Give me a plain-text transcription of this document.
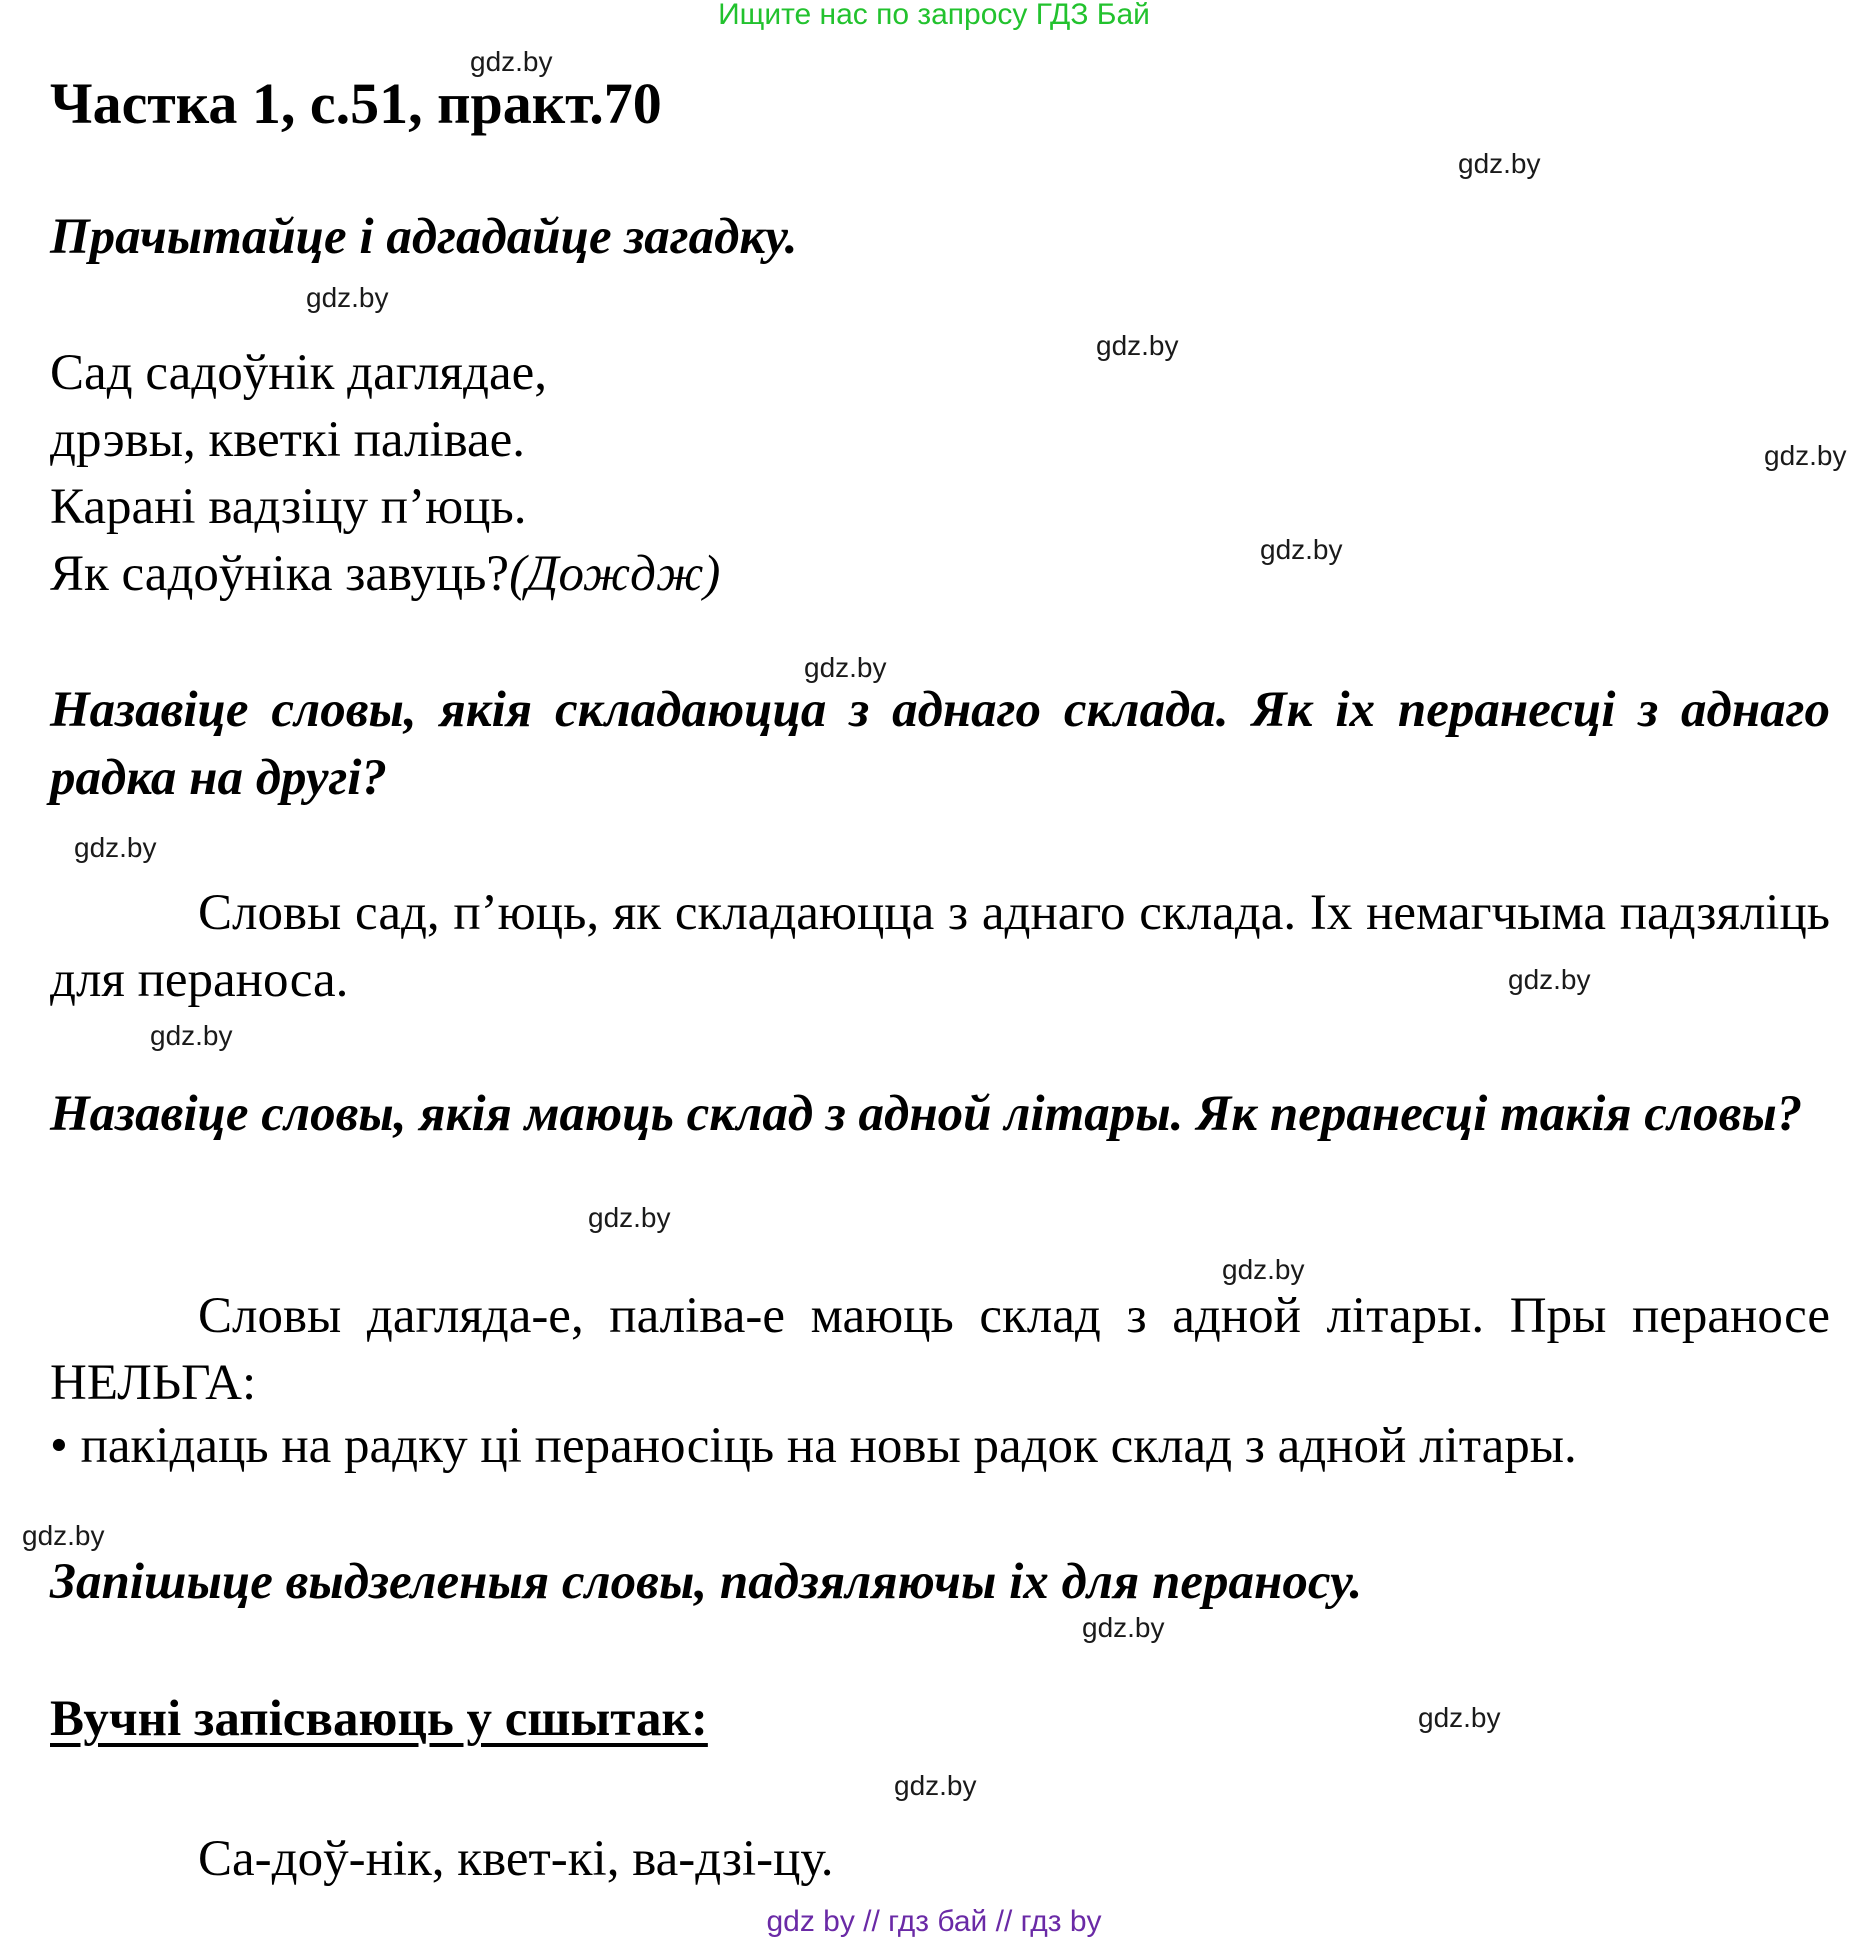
Ищите нас по запросу ГДЗ Бай
Частка 1, с.51, практ.70
Прачытайце і адгадайце загадку.
Сад садоўнік даглядае,
дрэвы, кветкі палівае.
Карані вадзіцу п’юць.
Як садоўніка завуць?(Дождж)
Назавіце словы, якія складаюцца з аднаго склада. Як іх перанесці з аднаго радка на другі?
Словы сад, п’юць, як складаюцца з аднаго склада. Іх немагчыма падзяліць для пераноса.
Назавіце словы, якія маюць склад з адной літары. Як перанесці такія словы?
Словы дагляда-е, паліва-е маюць склад з адной літары. Пры пераносе НЕЛЬГА:
• пакідаць на радку ці пераносіць на новы радок склад з адной літары.
Запішыце выдзеленыя словы, падзяляючы іх для пераносу.
Вучні запісваюць у сшытак:
Са-доў-нік, квет-кі, ва-дзі-цу.
gdz.by
gdz.by
gdz.by
gdz.by
gdz.by
gdz.by
gdz.by
gdz.by
gdz.by
gdz.by
gdz.by
gdz.by
gdz.by
gdz.by
gdz.by
gdz.by
gdz by // гдз бай // гдз by
